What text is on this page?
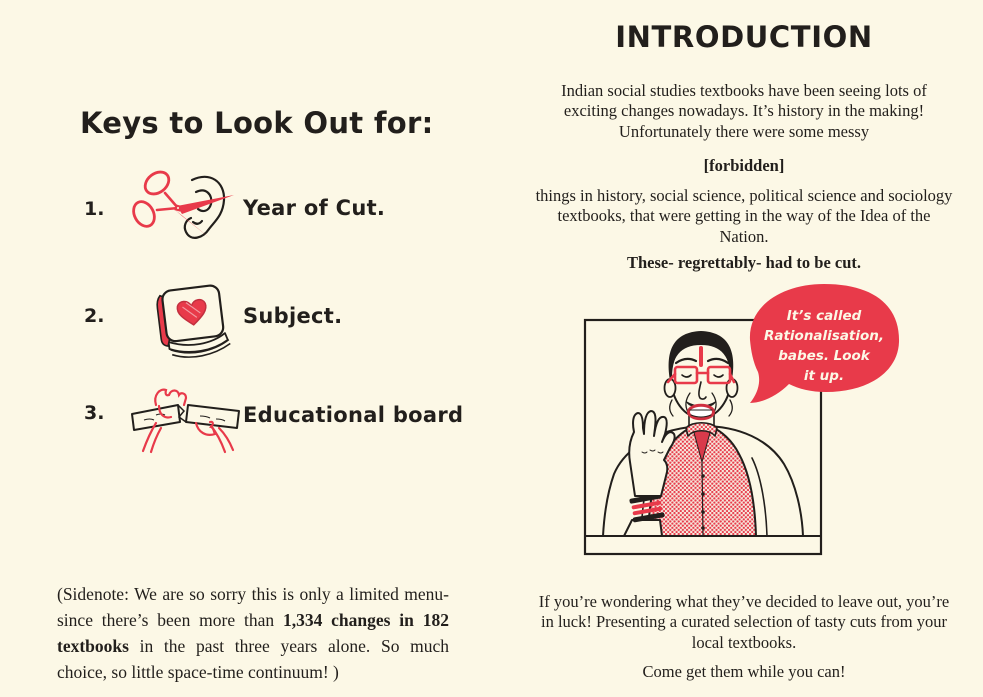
Keys to Look Out for:
1.	Year of Cut.
2.	Subject.
3.	Educational board

(Sidenote: We are so sorry this is only a limited menu- since there’s been more than 1,334 changes in 182 textbooks in the past three years alone. So much choice, so little space-time continuum! )

INTRODUCTION

Indian social studies textbooks have been seeing lots of exciting changes nowadays. It’s history in the making! Unfortunately there were some messy

[forbidden]

things in history, social science, political science and sociology textbooks, that were getting in the way of the Idea of the Nation.

These- regrettably- had to be cut.

It’s called
Rationalisation,
babes. Look
it up.

If you’re wondering what they’ve decided to leave out, you’re in luck! Presenting a curated selection of tasty cuts from your local textbooks.

Come get them while you can!
